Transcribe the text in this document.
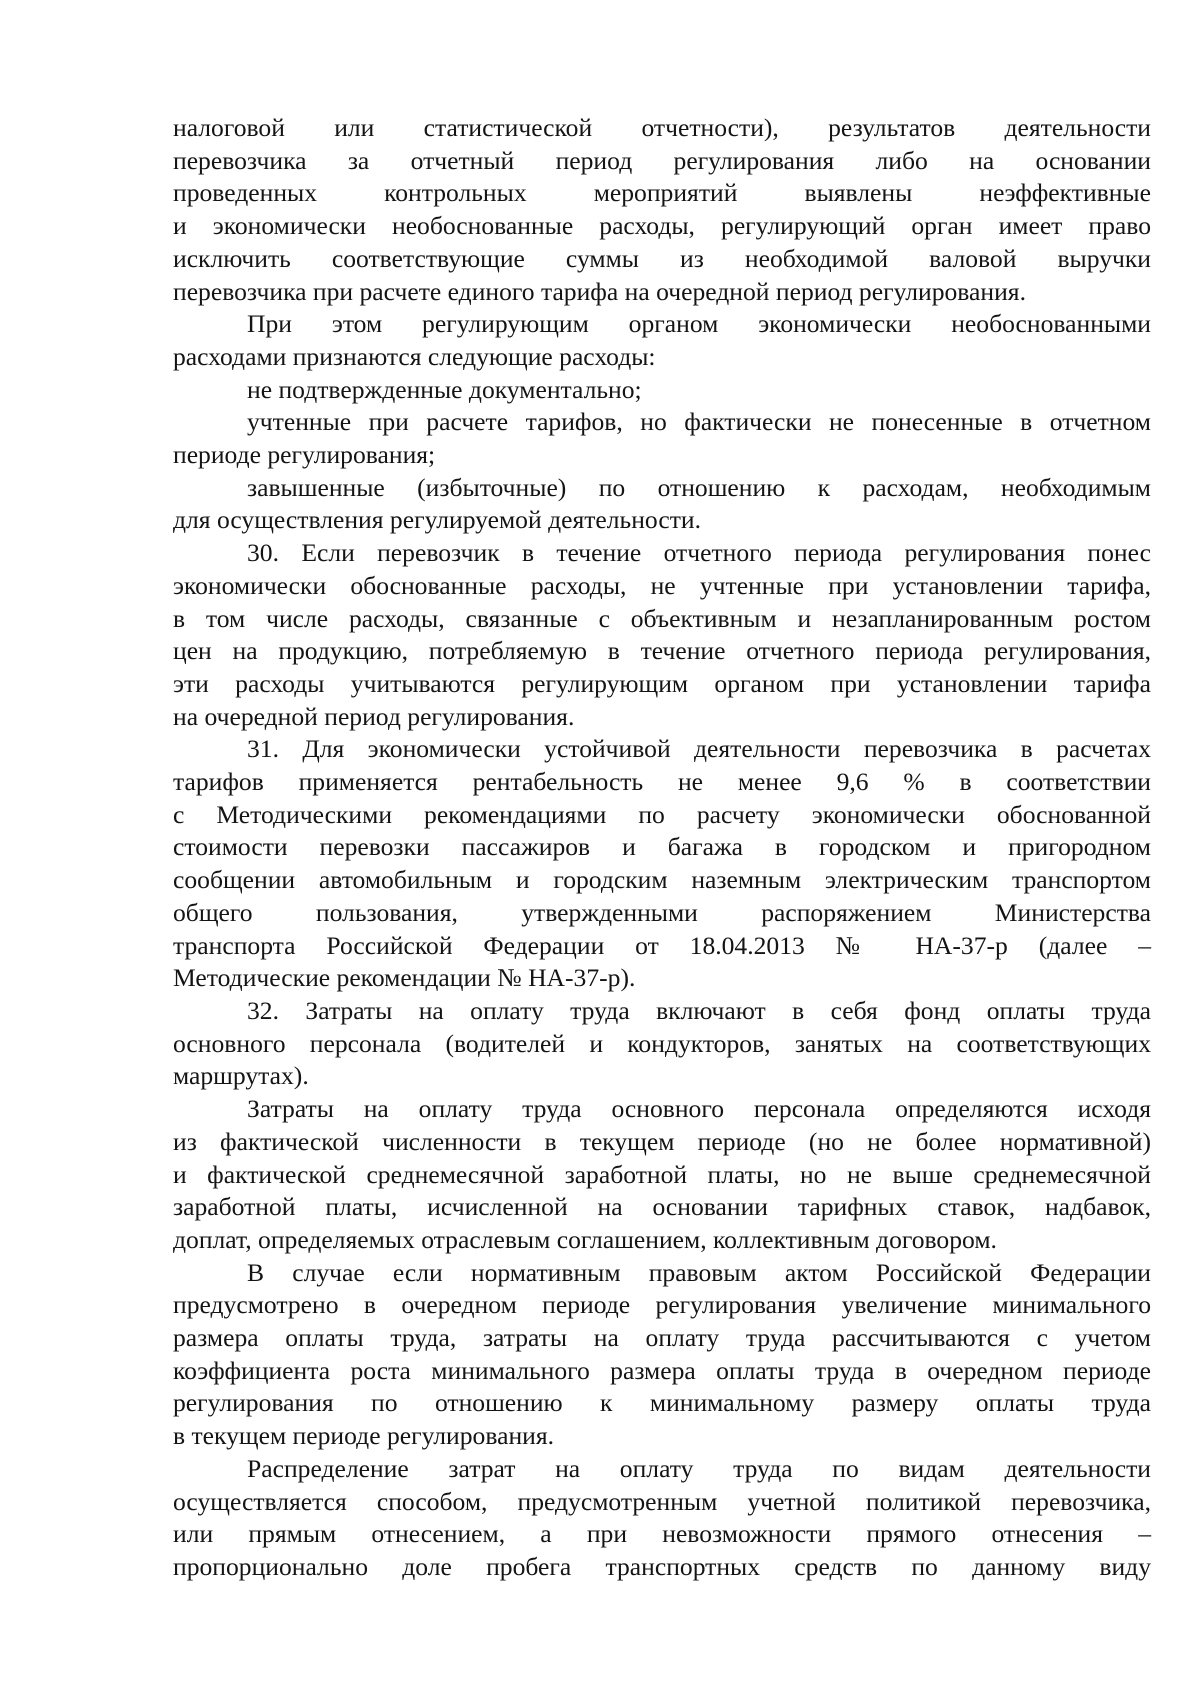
налоговой или статистической отчетности), результатов деятельности
перевозчика за отчетный период регулирования либо на основании
проведенных контрольных мероприятий выявлены неэффективные
и экономически необоснованные расходы, регулирующий орган имеет право
исключить соответствующие суммы из необходимой валовой выручки
перевозчика при расчете единого тарифа на очередной период регулирования.

При этом регулирующим органом экономически необоснованными
расходами признаются следующие расходы:

не подтвержденные документально;

учтенные при расчете тарифов, но фактически не понесенные в отчетном
периоде регулирования;

завышенные (избыточные) по отношению к расходам, необходимым
для осуществления регулируемой деятельности.

30. Если перевозчик в течение отчетного периода регулирования понес
экономически обоснованные расходы, не учтенные при установлении тарифа,
в том числе расходы, связанные с объективным и незапланированным ростом
цен на продукцию, потребляемую в течение отчетного периода регулирования,
эти расходы учитываются регулирующим органом при установлении тарифа
на очередной период регулирования.

31. Для экономически устойчивой деятельности перевозчика в расчетах
тарифов применяется рентабельность не менее 9,6 % в соответствии
с Методическими рекомендациями по расчету экономически обоснованной
стоимости перевозки пассажиров и багажа в городском и пригородном
сообщении автомобильным и городским наземным электрическим транспортом
общего пользования, утвержденными распоряжением Министерства
транспорта Российской Федерации от 18.04.2013 № НА-37-р (далее –
Методические рекомендации № НА-37-р).

32. Затраты на оплату труда включают в себя фонд оплаты труда
основного персонала (водителей и кондукторов, занятых на соответствующих
маршрутах).

Затраты на оплату труда основного персонала определяются исходя
из фактической численности в текущем периоде (но не более нормативной)
и фактической среднемесячной заработной платы, но не выше среднемесячной
заработной платы, исчисленной на основании тарифных ставок, надбавок,
доплат, определяемых отраслевым соглашением, коллективным договором.

В случае если нормативным правовым актом Российской Федерации
предусмотрено в очередном периоде регулирования увеличение минимального
размера оплаты труда, затраты на оплату труда рассчитываются с учетом
коэффициента роста минимального размера оплаты труда в очередном периоде
регулирования по отношению к минимальному размеру оплаты труда
в текущем периоде регулирования.

Распределение затрат на оплату труда по видам деятельности
осуществляется способом, предусмотренным учетной политикой перевозчика,
или прямым отнесением, а при невозможности прямого отнесения –
пропорционально доле пробега транспортных средств по данному виду
